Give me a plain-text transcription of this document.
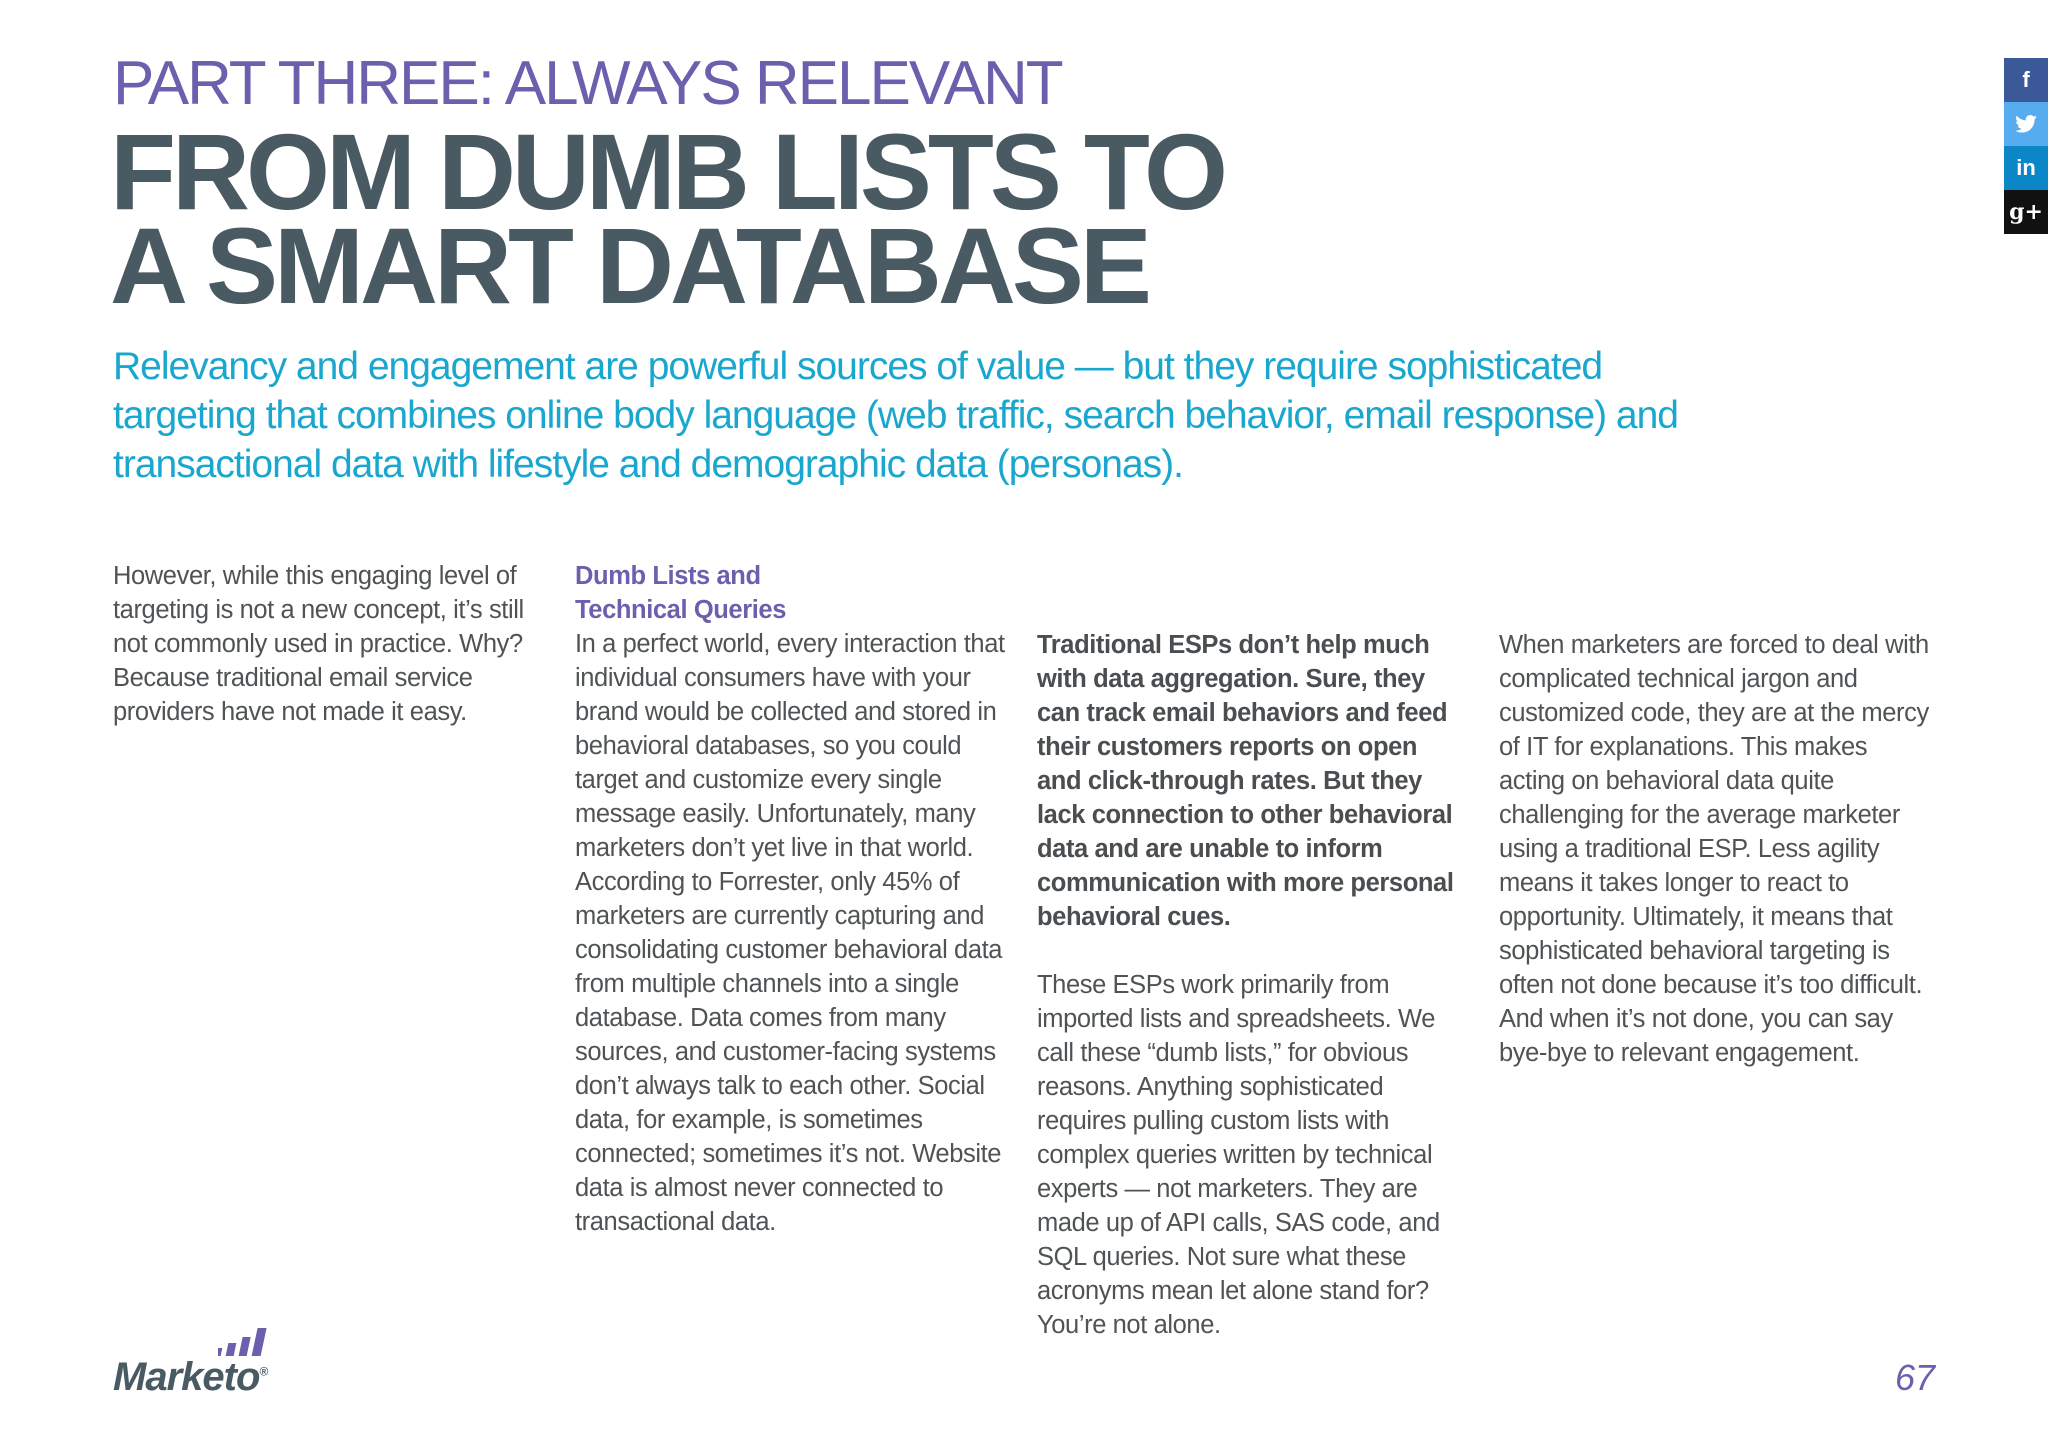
PART THREE: ALWAYS RELEVANT
FROM DUMB LISTS TO
A SMART DATABASE

Relevancy and engagement are powerful sources of value — but they require sophisticated targeting that combines online body language (web traffic, search behavior, email response) and transactional data with lifestyle and demographic data (personas).

However, while this engaging level of targeting is not a new concept, it’s still not commonly used in practice. Why? Because traditional email service providers have not made it easy.

Dumb Lists and Technical Queries

In a perfect world, every interaction that individual consumers have with your brand would be collected and stored in behavioral databases, so you could target and customize every single message easily. Unfortunately, many marketers don’t yet live in that world. According to Forrester, only 45% of marketers are currently capturing and consolidating customer behavioral data from multiple channels into a single database. Data comes from many sources, and customer-facing systems don’t always talk to each other. Social data, for example, is sometimes connected; sometimes it’s not. Website data is almost never connected to transactional data.

Traditional ESPs don’t help much with data aggregation. Sure, they can track email behaviors and feed their customers reports on open and click-through rates. But they lack connection to other behavioral data and are unable to inform communication with more personal behavioral cues.

These ESPs work primarily from imported lists and spreadsheets. We call these “dumb lists,” for obvious reasons. Anything sophisticated requires pulling custom lists with complex queries written by technical experts — not marketers. They are made up of API calls, SAS code, and SQL queries. Not sure what these acronyms mean let alone stand for? You’re not alone.

When marketers are forced to deal with complicated technical jargon and customized code, they are at the mercy of IT for explanations. This makes acting on behavioral data quite challenging for the average marketer using a traditional ESP. Less agility means it takes longer to react to opportunity. Ultimately, it means that sophisticated behavioral targeting is often not done because it’s too difficult. And when it’s not done, you can say bye-bye to relevant engagement.

f
in
g+
Marketo®	67
